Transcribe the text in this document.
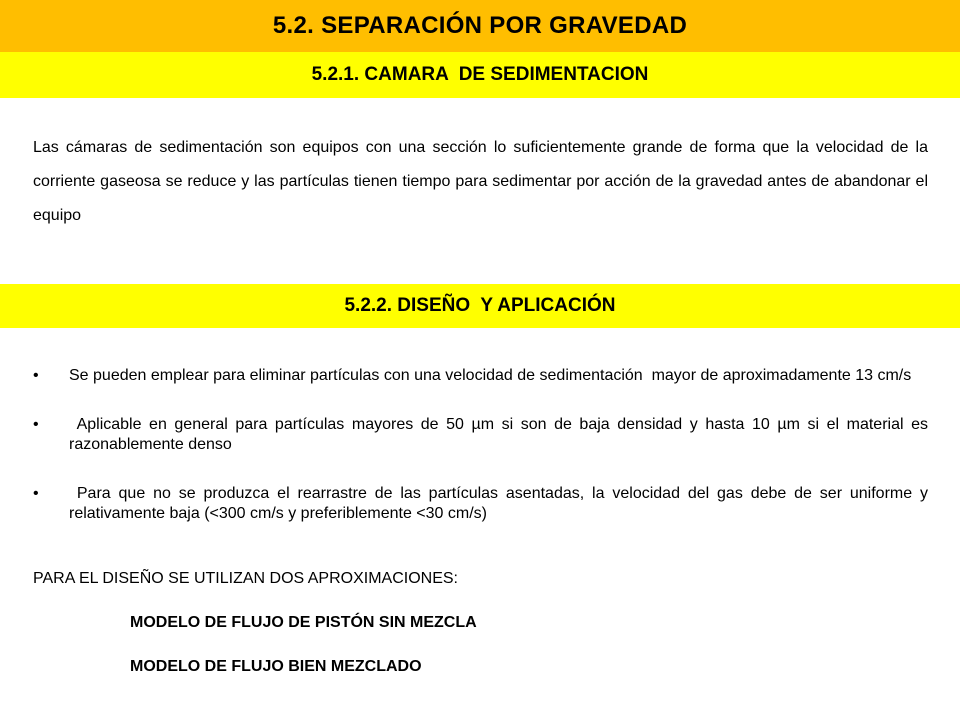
5.2. SEPARACIÓN POR GRAVEDAD
5.2.1. CAMARA  DE SEDIMENTACION
Las cámaras de sedimentación son equipos con una sección lo suficientemente grande de forma que la velocidad de la corriente gaseosa se reduce y las partículas tienen tiempo para sedimentar por acción de la gravedad antes de abandonar el equipo
5.2.2. DISEÑO  Y APLICACIÓN
• Se pueden emplear para eliminar partículas con una velocidad de sedimentación  mayor de aproximadamente 13 cm/s
• Aplicable en general para partículas mayores de 50 µm si son de baja densidad y hasta 10 µm si el material es razonablemente denso
• Para que no se produzca el rearrastre de las partículas asentadas, la velocidad del gas debe de ser uniforme y relativamente baja (<300 cm/s y preferiblemente <30 cm/s)
PARA EL DISEÑO SE UTILIZAN DOS APROXIMACIONES:
MODELO DE FLUJO DE PISTÓN SIN MEZCLA
MODELO DE FLUJO BIEN MEZCLADO
